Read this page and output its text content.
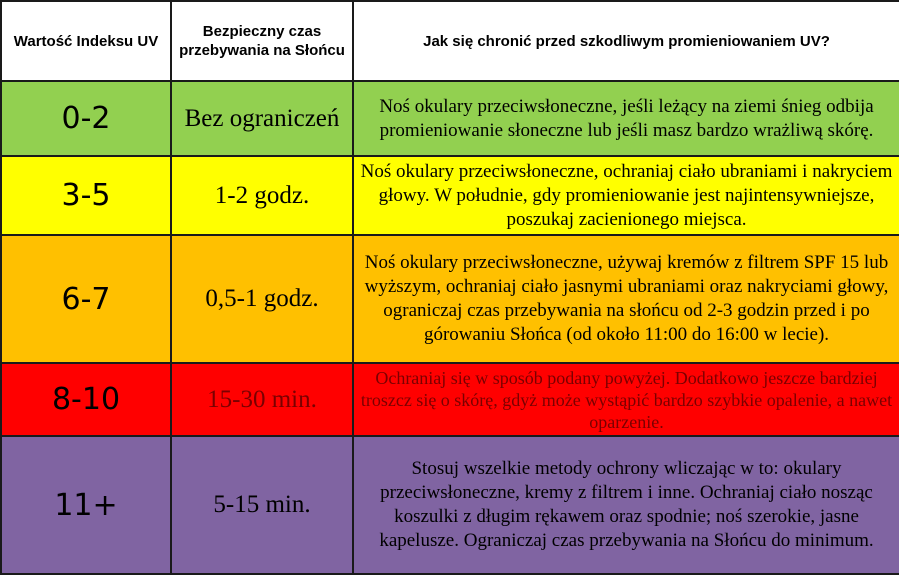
Wartość Indeksu UV	Bezpieczny czas przebywania na Słońcu	Jak się chronić przed szkodliwym promieniowaniem UV?
0-2	Bez ograniczeń	Noś okulary przeciwsłoneczne, jeśli leżący na ziemi śnieg odbija promieniowanie słoneczne lub jeśli masz bardzo wrażliwą skórę.
3-5	1-2 godz.	Noś okulary przeciwsłoneczne, ochraniaj ciało ubraniami i nakryciem głowy. W południe, gdy promieniowanie jest najintensywniejsze, poszukaj zacienionego miejsca.
6-7	0,5-1 godz.	Noś okulary przeciwsłoneczne, używaj kremów z filtrem SPF 15 lub wyższym, ochraniaj ciało jasnymi ubraniami oraz nakryciami głowy, ograniczaj czas przebywania na słońcu od 2-3 godzin przed i po górowaniu Słońca (od około 11:00 do 16:00 w lecie).
8-10	15-30 min.	Ochraniaj się w sposób podany powyżej. Dodatkowo jeszcze bardziej troszcz się o skórę, gdyż może wystąpić bardzo szybkie opalenie, a nawet oparzenie.
11+	5-15 min.	Stosuj wszelkie metody ochrony wliczając w to: okulary przeciwsłoneczne, kremy z filtrem i inne. Ochraniaj ciało nosząc koszulki z długim rękawem oraz spodnie; noś szerokie, jasne kapelusze. Ograniczaj czas przebywania na Słońcu do minimum.
